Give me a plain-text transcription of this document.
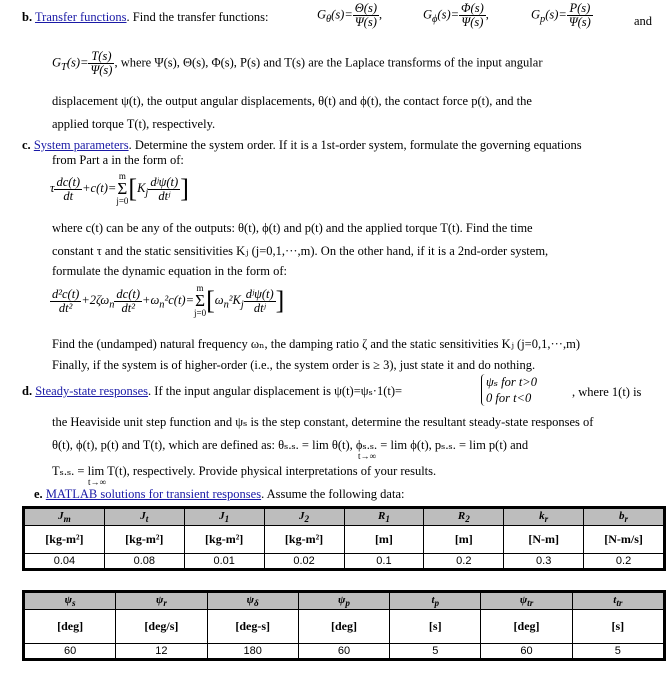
b. Transfer functions. Find the transfer functions:	$G_\theta(s)= \frac{\Theta(s)}{\Psi(s)}$ ,	$G_\phi(s)= \frac{\Phi(s)}{\Psi(s)}$ ,	$G_p(s)= \frac{P(s)}{\Psi(s)}$	and
$G_T(s)= \frac{T(s)}{\Psi(s)}$ , where Ψ(s), Θ(s), Φ(s), P(s) and T(s) are the Laplace transforms of the input angular
displacement ψ(t), the output angular displacements, θ(t) and ϕ(t), the contact force p(t), and the
applied torque T(t), respectively.
c. System parameters. Determine the system order. If it is a 1st-order system, formulate the governing equations
from Part a in the form of:
τ $\frac{dc(t)}{dt} +c(t)=m$
Σ
$j=0[K_j \frac{\text{dʲψ(t)}}{\text{dtʲ}}$ ]
where c(t) can be any of the outputs: θ(t), ϕ(t) and p(t) and the applied torque T(t). Find the time
constant τ and the static sensitivities Kⱼ (j=0,1,···,m). On the other hand, if it is a 2nd-order system,
formulate the dynamic equation in the form of:
$\frac{\text{d²c(t)}}{\text{dt²}} +2\zeta\omega_n \frac{dc(t)}{\text{dt²}} +\omega_n^2c(t)=m$
Σ
$j=0[\omega_n^2K_j \frac{\text{dʲψ(t)}}{\text{dtʲ}}$ ]
Find the (undamped) natural frequency ωₙ, the damping ratio ζ and the static sensitivities Kⱼ (j=0,1,···,m)
Finally, if the system is of higher-order (i.e., the system order is ≥ 3), just state it and do nothing.
d. Steady-state responses. If the input angular displacement is ψ(t)=ψₛ·1(t)=
ψₛ for t>0
0 for t<0	, where 1(t) is
the Heaviside unit step function and ψₛ is the step constant, determine the resultant steady-state responses of
θ(t), ϕ(t), p(t) and T(t), which are defined as: θₛ.ₛ. = lim θ(t), ϕₛ.ₛ. = lim ϕ(t), pₛ.ₛ. = lim p(t) and
t→∞
Tₛ.ₛ. = lim T(t), respectively. Provide physical interpretations of your results.
t→∞
e. MATLAB solutions for transient responses. Assume the following data:
$J_m$	$J_t$	$J_1$	$J_2$	$R_1$	$R_2$	$k_r$	$b_r$
[kg-m²]	[kg-m²]	[kg-m²]	[kg-m²]	[m]	[m]	[N-m]	[N-m/s]
0.04	0.08	0.01	0.02	0.1	0.2	0.3	0.2
$\psi_s$	$\psi_r$	$\psi_\delta$	$\psi_p$	$t_p$	$\psi_{tr}$	$t_{tr}$
[deg]	[deg/s]	[deg-s]	[deg]	[s]	[deg]	[s]
60	12	180	60	5	60	5
